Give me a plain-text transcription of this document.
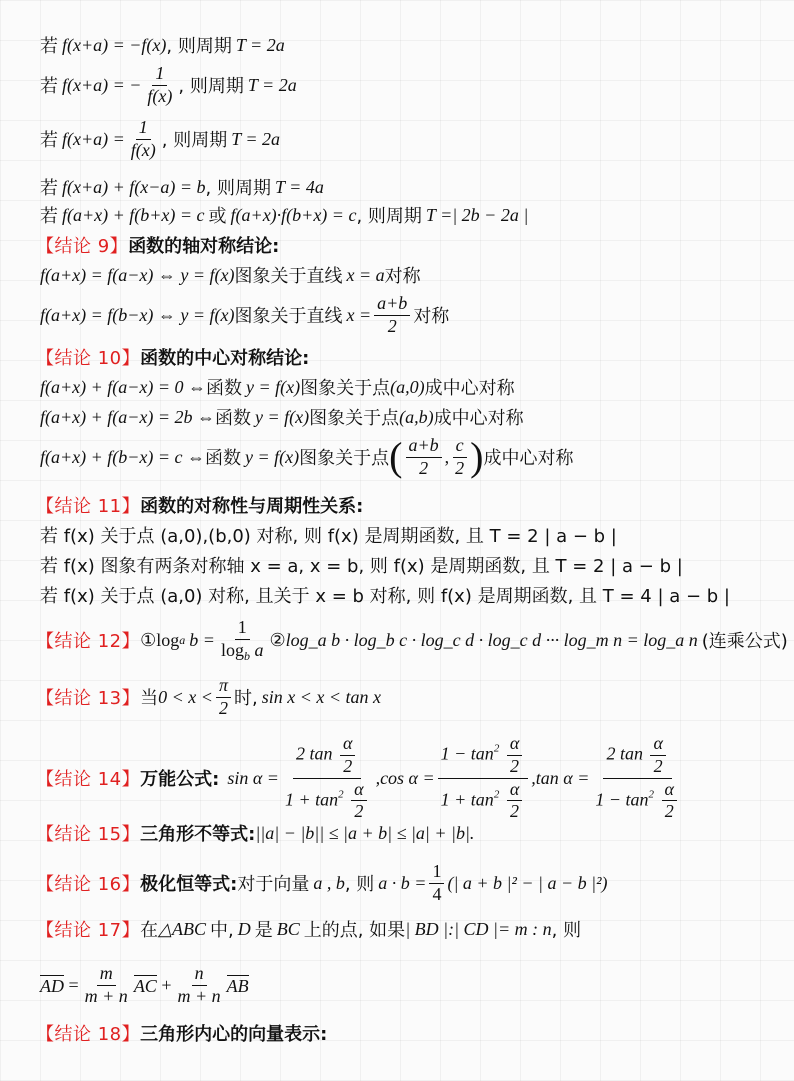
若 f(x+a) = −f(x) , 则周期 T = 2a
若 f(x+a) = − $\frac{1}{f(x)}$ , 则周期 T = 2a
若 $f(x+a) = \frac{1}{f(x)}$ , 则周期 T = 2a
若 f(x+a) + f(x−a) = b , 则周期 T = 4a
若 f(a+x) + f(b+x) = c 或 f(a+x)·f(b+x) = c , 则周期 T =| 2b − 2a |
【结论 9】 函数的轴对称结论:
f(a+x) = f(a−x) ⇔ y = f(x) 图象关于直线 x = a 对称
f(a+x) = f(b−x) ⇔ y = f(x) 图象关于直线 $x = \frac{a+b}{2}$ 对称
【结论 10】 函数的中心对称结论:
f(a+x) + f(a−x) = 0 ⇔ 函数 y = f(x) 图象关于点 (a,0) 成中心对称
f(a+x) + f(a−x) = 2b ⇔ 函数 y = f(x) 图象关于点 (a,b) 成中心对称
f(a+x) + f(b−x) = c ⇔ 函数 y = f(x) 图象关于点 ( $\frac{a+b}{2}$ , $\frac{c}{2}$ ) 成中心对称
【结论 11】 函数的对称性与周期性关系:
若 f(x) 关于点 (a,0),(b,0) 对称, 则 f(x) 是周期函数, 且 T = 2 | a − b |
若 f(x) 图象有两条对称轴 x = a, x = b, 则 f(x) 是周期函数, 且 T = 2 | a − b |
若 f(x) 关于点 (a,0) 对称, 且关于 x = b 对称, 则 f(x) 是周期函数, 且 T = 4 | a − b |
【结论 12】 ① log a $b = \frac{1}{\log_b a}$ ② log_a b · log_b c · log_c d · log_c d ··· log_m n = log_a n (连乘公式)
【结论 13】 当 $0 < x < \frac{\pi}{2}$ 时, sin x < x < tan x
【结论 14】 万能公式: $\sin \alpha = \frac{2 \tan \frac{\alpha}{2}}{1 + \tan^2 \frac{\alpha}{2}} ,\cos$ $\alpha = \frac{1 - \tan^2 \frac{\alpha}{2}}{1 + \tan^2 \frac{\alpha}{2}} ,\tan$ $\alpha = \frac{2 \tan \frac{\alpha}{2}}{1 - \tan^2 \frac{\alpha}{2}}$
【结论 15】 三角形不等式: ||a| − |b|| ≤ |a + b| ≤ |a| + |b|.
【结论 16】 极化恒等式: 对于向量 a , b , 则 $a \cdot b = \frac{1}{4}$ (| a + b |² − | a − b |²)
【结论 17】 在 △ABC 中, D 是 BC 上的点, 如果 | BD |:| CD |= m : n , 则
AD = $\frac{m}{m + n}$ AC + $\frac{n}{m + n}$ AB
【结论 18】 三角形内心的向量表示:
